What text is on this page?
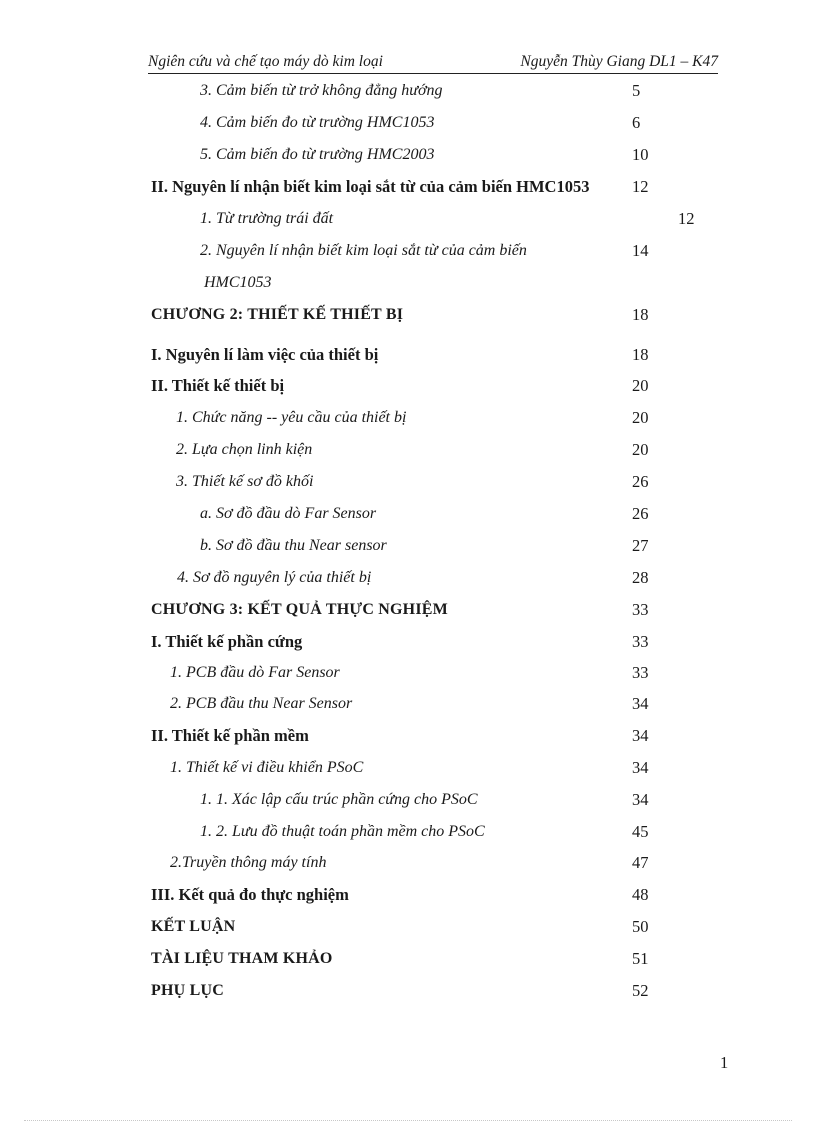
Ngiên cứu và chế tạo máy dò kim loại	Nguyễn Thùy Giang DL1 – K47
3. Cảm biến từ trở không đẳng hướng	5
4. Cảm biến đo từ trường HMC1053	6
5. Cảm biến đo từ trường HMC2003	10
II. Nguyên lí nhận biết kim loại sắt từ của cảm biến HMC1053	12
1. Từ trường trái đất	12
2. Nguyên lí nhận biết kim loại sắt từ của cảm biến	14
HMC1053
CHƯƠNG 2: THIẾT KẾ THIẾT BỊ	18
I. Nguyên lí làm việc của thiết bị	18
II. Thiết kế thiết bị	20
1. Chức năng -- yêu cầu của thiết bị	20
2. Lựa chọn linh kiện	20
3. Thiết kế sơ đồ khối	26
a. Sơ đồ đầu dò Far Sensor	26
b. Sơ đồ đầu thu Near sensor	27
4. Sơ đồ nguyên lý của thiết bị	28
CHƯƠNG 3: KẾT QUẢ THỰC NGHIỆM	33
I. Thiết kế phần cứng	33
1. PCB đầu dò Far Sensor	33
2. PCB đầu thu Near Sensor	34
II. Thiết kế phần mềm	34
1. Thiết kế vi điều khiển PSoC	34
1. 1. Xác lập cấu trúc phần cứng cho PSoC	34
1. 2. Lưu đồ thuật toán phần mềm cho PSoC	45
2.Truyền thông máy tính	47
III. Kết quả đo thực nghiệm	48
KẾT LUẬN	50
TÀI LIỆU THAM KHẢO	51
PHỤ LỤC	52
1
